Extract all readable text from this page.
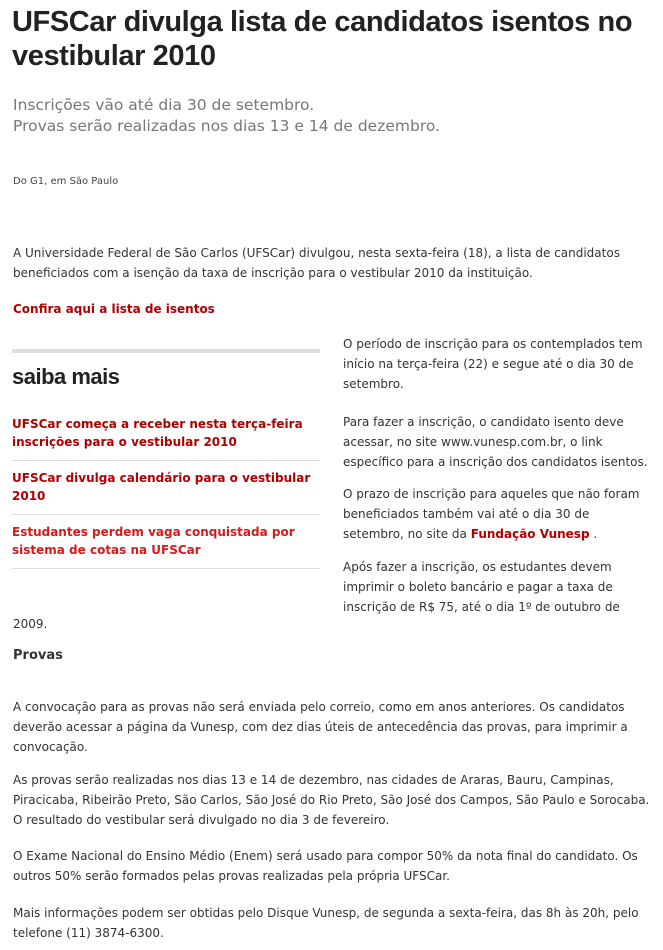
UFSCar divulga lista de candidatos isentos no vestibular 2010
Inscrições vão até dia 30 de setembro.
Provas serão realizadas nos dias 13 e 14 de dezembro.
Do G1, em São Paulo

A Universidade Federal de São Carlos (UFSCar) divulgou, nesta sexta-feira (18), a lista de candidatos beneficiados com a isenção da taxa de inscrição para o vestibular 2010 da instituição.

Confira aqui a lista de isentos
saiba mais
UFSCar começa a receber nesta terça-feira inscrições para o vestibular 2010
UFSCar divulga calendário para o vestibular 2010
Estudantes perdem vaga conquistada por sistema de cotas na UFSCar

O período de inscrição para os contemplados tem início na terça-feira (22) e segue até o dia 30 de setembro.

Para fazer a inscrição, o candidato isento deve acessar, no site www.vunesp.com.br, o link específico para a inscrição dos candidatos isentos.

O prazo de inscrição para aqueles que não foram beneficiados também vai até o dia 30 de setembro, no site da Fundação Vunesp .

Após fazer a inscrição, os estudantes devem imprimir o boleto bancário e pagar a taxa de inscrição de R$ 75, até o dia 1º de outubro de

2009.

Provas

A convocação para as provas não será enviada pelo correio, como em anos anteriores. Os candidatos deverão acessar a página da Vunesp, com dez dias úteis de antecedência das provas, para imprimir a convocação.

As provas serão realizadas nos dias 13 e 14 de dezembro, nas cidades de Araras, Bauru, Campinas, Piracicaba, Ribeirão Preto, São Carlos, São José do Rio Preto, São José dos Campos, São Paulo e Sorocaba. O resultado do vestibular será divulgado no dia 3 de fevereiro.

O Exame Nacional do Ensino Médio (Enem) será usado para compor 50% da nota final do candidato. Os outros 50% serão formados pelas provas realizadas pela própria UFSCar.

Mais informações podem ser obtidas pelo Disque Vunesp, de segunda a sexta-feira, das 8h às 20h, pelo telefone (11) 3874-6300.
